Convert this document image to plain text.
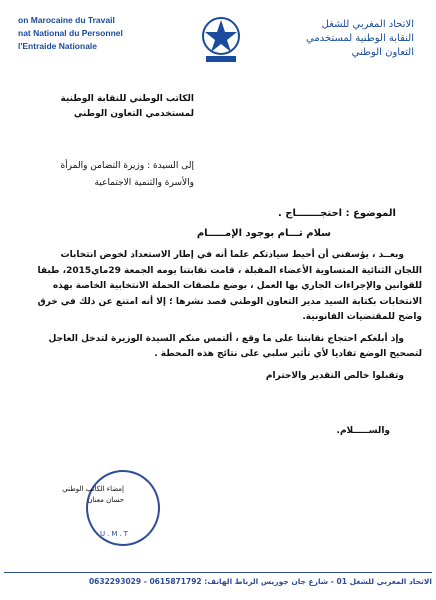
on Marocaine du Travail
nat National du Personnel
l'Entraide Nationale
الاتحاد المغربي للشغل
النقابة الوطنية لمستخدمي
التعاون الوطني
الكاتب الوطني للنقابة الوطنية
لمستخدمي التعاون الوطني
إلى السيدة : وزيرة التضامن والمرأة
والأسرة والتنمية الاجتماعية
الموضوع : احتجـــــــاج .
سلام تـــام بوجود الإمـــــام

وبعــد ، يؤسفني أن أحيط سيادتكم علما أنه في إطار الاستعداد لخوض انتخابات اللجان الثنائية المتساوية الأعضاء المقبلة ، قامت نقابتنا يومه الجمعة 29ماي2015، طبقا للقوانين والإجراءات الجاري بها العمل ، بوضع ملصقات الحملة الانتخابية الخاصة بهذه الانتخابات بكتابة السيد مدير التعاون الوطني قصد نشرها ؛ إلا أنه امتنع عن ذلك في خرق واضح للمقتضيات القانونية.

وإذ أبلغكم احتجاج نقابتنا على ما وقع ، ألتمس منكم السيدة الوزيرة لتدخل العاجل لتصحيح الوضع تفاديا لأي تأثير سلبي على نتائج هذه المحطة .

وتقبلوا خالص التقدير والاحترام

والســـــلام.
U.M.T
إمضاء الكاتب الوطني
حسان معنان
الاتحاد المغربي للشغل 01 - شارع جان جوريس الرباط الهاتف: 0615871792 - 0632293029
